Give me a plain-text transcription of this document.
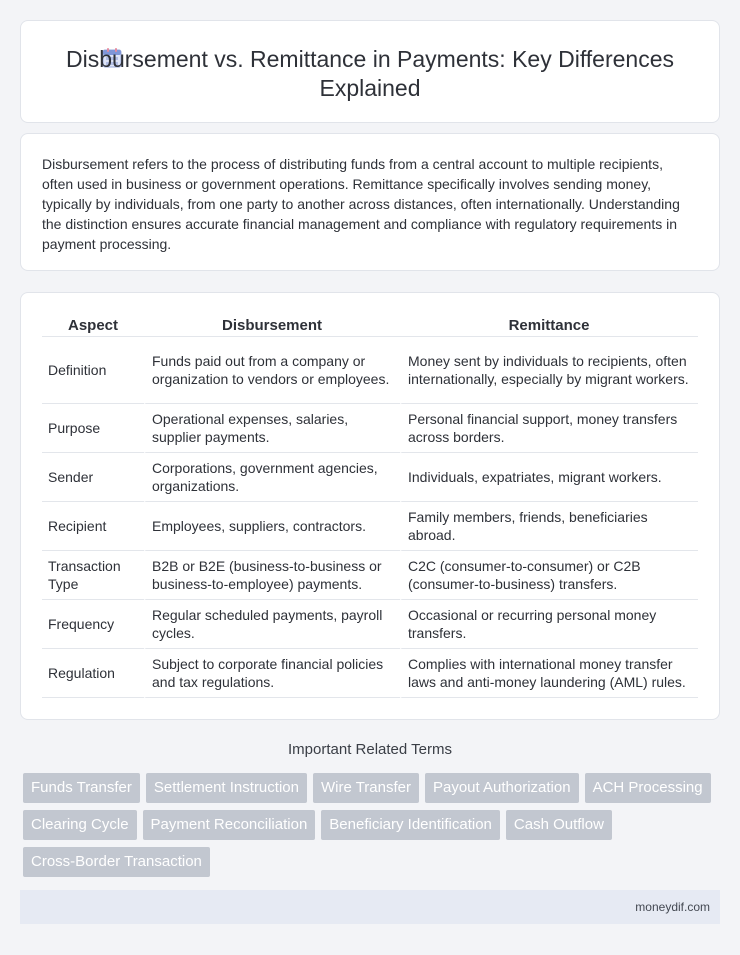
Disbursement vs. Remittance in Payments: Key Differences Explained

Disbursement refers to the process of distributing funds from a central account to multiple recipients, often used in business or government operations. Remittance specifically involves sending money, typically by individuals, from one party to another across distances, often internationally. Understanding the distinction ensures accurate financial management and compliance with regulatory requirements in payment processing.

Aspect	Disbursement	Remittance
Definition	Funds paid out from a company or organization to vendors or employees.	Money sent by individuals to recipients, often internationally, especially by migrant workers.
Purpose	Operational expenses, salaries, supplier payments.	Personal financial support, money transfers across borders.
Sender	Corporations, government agencies, organizations.	Individuals, expatriates, migrant workers.
Recipient	Employees, suppliers, contractors.	Family members, friends, beneficiaries abroad.
Transaction Type	B2B or B2E (business-to-business or business-to-employee) payments.	C2C (consumer-to-consumer) or C2B (consumer-to-business) transfers.
Frequency	Regular scheduled payments, payroll cycles.	Occasional or recurring personal money transfers.
Regulation	Subject to corporate financial policies and tax regulations.	Complies with international money transfer laws and anti-money laundering (AML) rules.
Important Related Terms
Funds Transfer	Settlement Instruction	Wire Transfer	Payout Authorization	ACH Processing
Clearing Cycle	Payment Reconciliation	Beneficiary Identification	Cash Outflow
Cross-Border Transaction
moneydif.com
